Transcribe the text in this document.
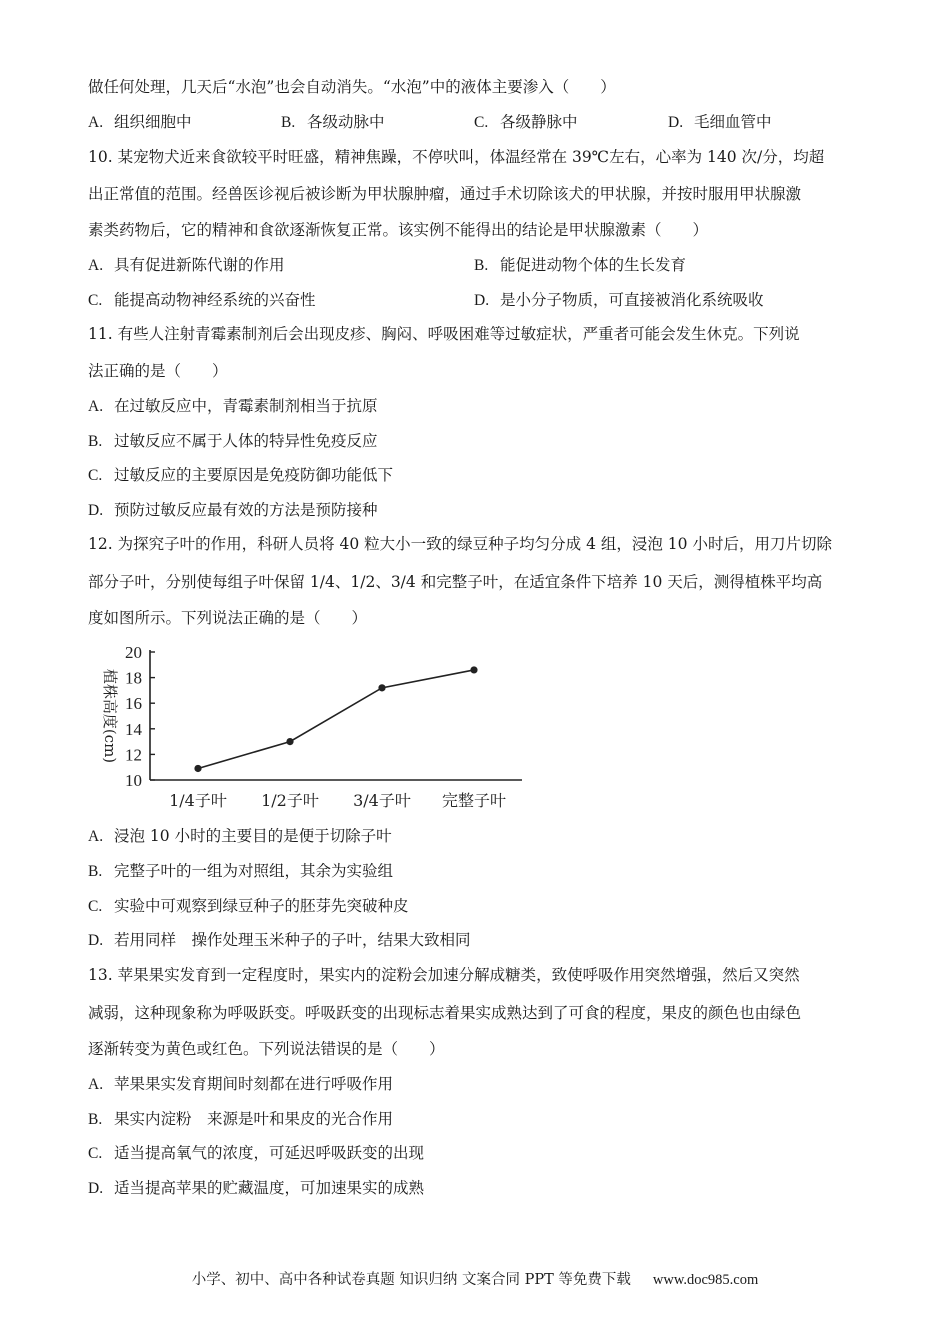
做任何处理，几天后“水泡”也会自动消失。“水泡”中的液体主要渗入（　　）
A. 组织细胞中	B. 各级动脉中	C. 各级静脉中	D. 毛细血管中
10. 某宠物犬近来食欲较平时旺盛，精神焦躁，不停吠叫，体温经常在 39℃左右，心率为 140 次/分，均超
出正常值的范围。经兽医诊视后被诊断为甲状腺肿瘤，通过手术切除该犬的甲状腺，并按时服用甲状腺激
素类药物后，它的精神和食欲逐渐恢复正常。该实例不能得出的结论是甲状腺激素（　　）
A. 具有促进新陈代谢的作用	B. 能促进动物个体的生长发育
C. 能提高动物神经系统的兴奋性	D. 是小分子物质，可直接被消化系统吸收
11. 有些人注射青霉素制剂后会出现皮疹、胸闷、呼吸困难等过敏症状，严重者可能会发生休克。下列说
法正确的是（　　）
A. 在过敏反应中，青霉素制剂相当于抗原
B. 过敏反应不属于人体的特异性免疫反应
C. 过敏反应的主要原因是免疫防御功能低下
D. 预防过敏反应最有效的方法是预防接种
12. 为探究子叶的作用，科研人员将 40 粒大小一致的绿豆种子均匀分成 4 组，浸泡 10 小时后，用刀片切除
部分子叶，分别使每组子叶保留 1/4、1/2、3/4 和完整子叶，在适宜条件下培养 10 天后，测得植株平均高
度如图所示。下列说法正确的是（　　）
10
12
14
16
18
20
植株高度(cm)
1/4子叶 1/2子叶 3/4子叶 完整子叶
A. 浸泡 10 小时的主要目的是便于切除子叶
B. 完整子叶的一组为对照组，其余为实验组
C. 实验中可观察到绿豆种子的胚芽先突破种皮
D. 若用同样　操作处理玉米种子的子叶，结果大致相同
13. 苹果果实发育到一定程度时，果实内的淀粉会加速分解成糖类，致使呼吸作用突然增强，然后又突然
减弱，这种现象称为呼吸跃变。呼吸跃变的出现标志着果实成熟达到了可食的程度，果皮的颜色也由绿色
逐渐转变为黄色或红色。下列说法错误的是（　　）
A. 苹果果实发育期间时刻都在进行呼吸作用
B. 果实内淀粉　来源是叶和果皮的光合作用
C. 适当提高氧气的浓度，可延迟呼吸跃变的出现
D. 适当提高苹果的贮藏温度，可加速果实的成熟
小学、初中、高中各种试卷真题 知识归纳 文案合同 PPT 等免费下载 www.doc985.com
